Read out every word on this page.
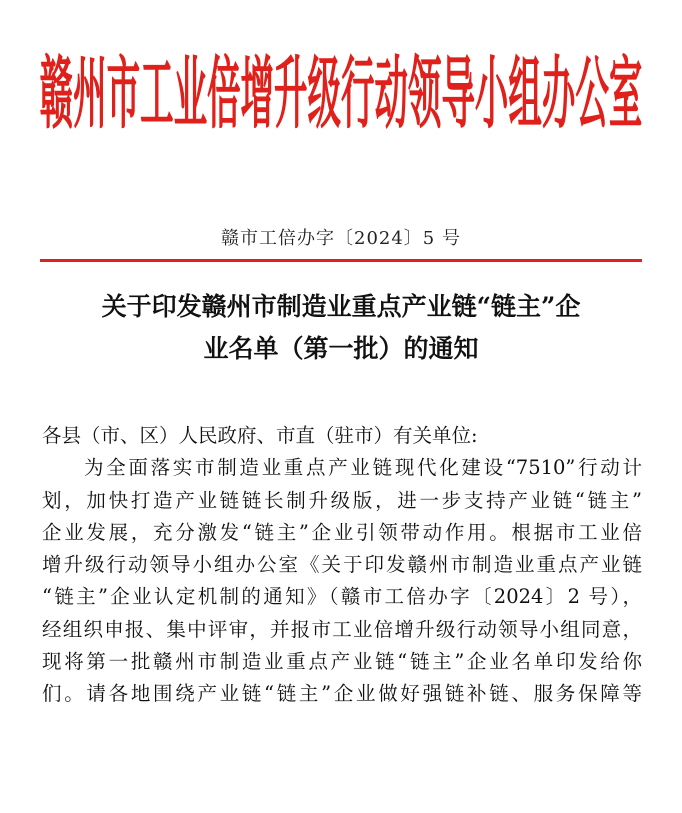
赣州市工业倍增升级行动领导小组办公室
赣市工倍办字〔2024〕5 号
关于印发赣州市制造业重点产业链“链主”企
业名单（第一批）的通知
各县（市、区）人民政府、市直（驻市）有关单位:
为全面落实市制造业重点产业链现代化建设“7510”行动计
划，加快打造产业链链长制升级版，进一步支持产业链“链主”
企业发展，充分激发“链主”企业引领带动作用。根据市工业倍
增升级行动领导小组办公室《关于印发赣州市制造业重点产业链
“链主”企业认定机制的通知》（赣市工倍办字〔2024〕2 号），
经组织申报、集中评审，并报市工业倍增升级行动领导小组同意，
现将第一批赣州市制造业重点产业链“链主”企业名单印发给你
们。请各地围绕产业链“链主”企业做好强链补链、服务保障等
